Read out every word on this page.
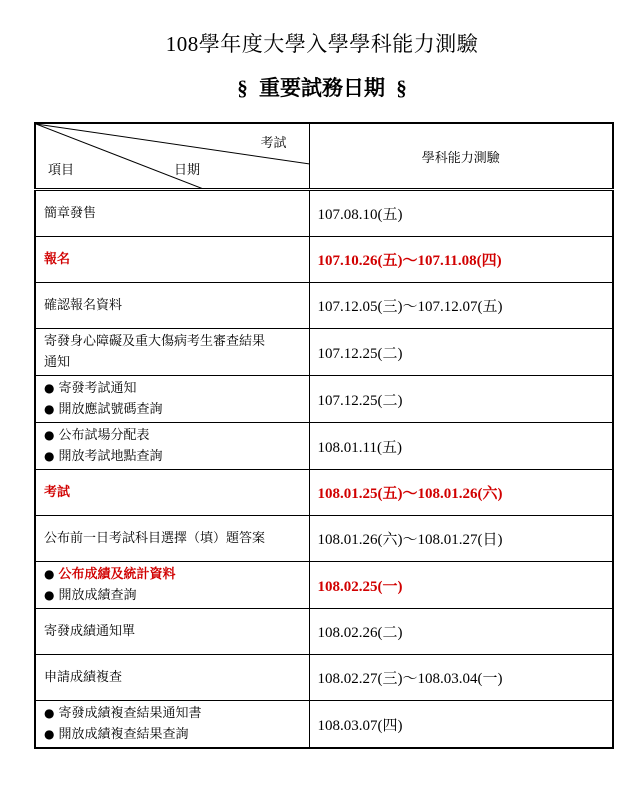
108學年度大學入學學科能力測驗
§ 重要試務日期 §
考試
項目 日期	學科能力測驗
簡章發售	107.08.10(五)
報名	107.10.26(五)～107.11.08(四)
確認報名資料	107.12.05(三)～107.12.07(五)

寄發身心障礙及重大傷病考生審查結果
通知	107.12.25(二)

● 寄發考試通知
● 開放應試號碼查詢	107.12.25(二)

● 公布試場分配表
● 開放考試地點查詢	108.01.11(五)
考試	108.01.25(五)～108.01.26(六)
公布前一日考試科目選擇（填）題答案	108.01.26(六)～108.01.27(日)

● 公布成績及統計資料
● 開放成績查詢	108.02.25(一)
寄發成績通知單	108.02.26(二)
申請成績複查	108.02.27(三)～108.03.04(一)

● 寄發成績複查結果通知書
● 開放成績複查結果查詢	108.03.07(四)
